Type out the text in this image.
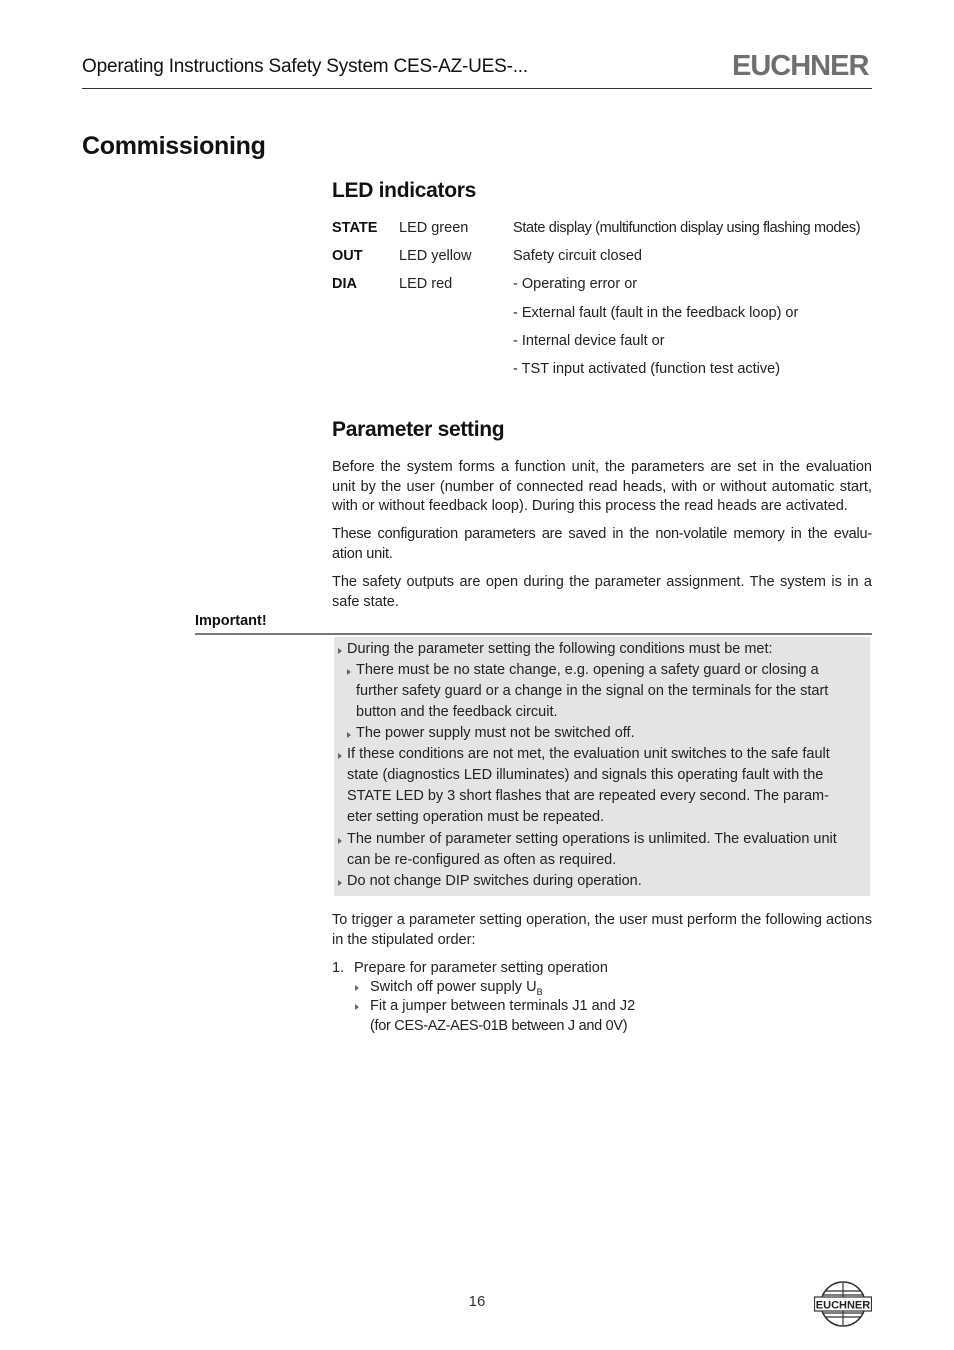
Operating Instructions Safety System CES-AZ-UES-...	EUCHNER
Commissioning
LED indicators
STATE LED green	State display (multifunction display using flashing modes)
OUT	LED yellow	Safety circuit closed
DIA	LED red	- Operating error or
- External fault (fault in the feedback loop) or
- Internal device fault or
- TST input activated (function test active)
Parameter setting
Before the system forms a function unit, the parameters are set in the evaluation unit by the user (number of connected read heads, with or without automatic start, with or without feedback loop). During this process the read heads are activated.
These configuration parameters are saved in the non-volatile memory in the evalu-ation unit.
The safety outputs are open during the parameter assignment. The system is in a safe state.
Important!
During the parameter setting the following conditions must be met:
There must be no state change, e.g. opening a safety guard or closing a
further safety guard or a change in the signal on the terminals for the start
button and the feedback circuit.
The power supply must not be switched off.
If these conditions are not met, the evaluation unit switches to the safe fault
state (diagnostics LED illuminates) and signals this operating fault with the
STATE LED by 3 short flashes that are repeated every second. The param-
eter setting operation must be repeated.
The number of parameter setting operations is unlimited. The evaluation unit
can be re-configured as often as required.
Do not change DIP switches during operation.
To trigger a parameter setting operation, the user must perform the following actions in the stipulated order:
1. Prepare for parameter setting operation
Switch off power supply $U_B$
Fit a jumper between terminals J1 and J2
(for CES-AZ-AES-01B between J and 0V)
16	EUCHNER
